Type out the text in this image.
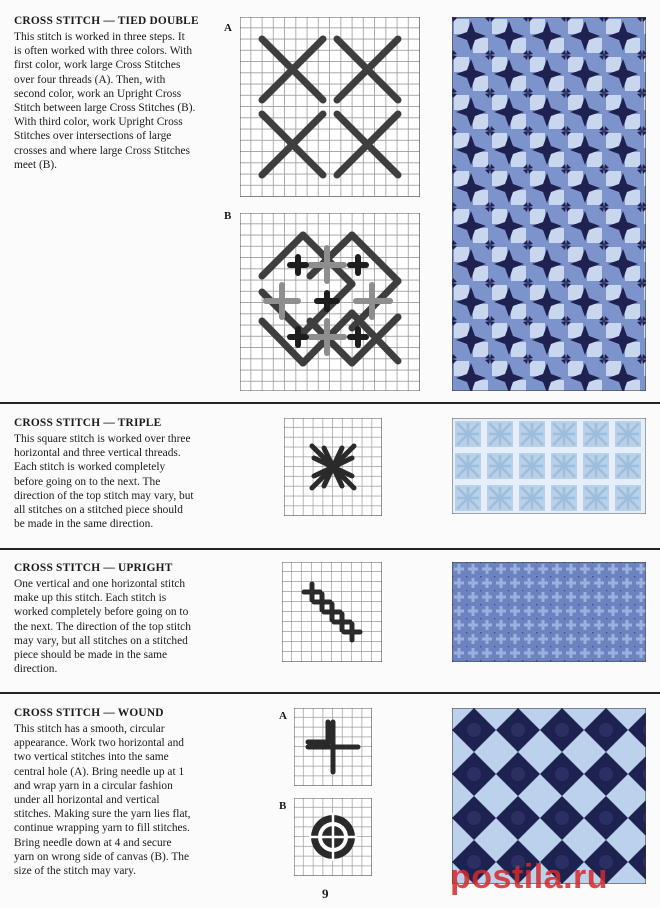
CROSS STITCH — TIED DOUBLE

This stitch is worked in three steps. It
is often worked with three colors. With
first color, work large Cross Stitches
over four threads (A). Then, with
second color, work an Upright Cross
Stitch between large Cross Stitches (B).
With third color, work Upright Cross
Stitches over intersections of large
crosses and where large Cross Stitches
meet (B).

A
B
CROSS STITCH — TRIPLE

This square stitch is worked over three
horizontal and three vertical threads.
Each stitch is worked completely
before going on to the next. The
direction of the top stitch may vary, but
all stitches on a stitched piece should
be made in the same direction.

CROSS STITCH — UPRIGHT

One vertical and one horizontal stitch
make up this stitch. Each stitch is
worked completely before going on to
the next. The direction of the top stitch
may vary, but all stitches on a stitched
piece should be made in the same
direction.

CROSS STITCH — WOUND

This stitch has a smooth, circular
appearance. Work two horizontal and
two vertical stitches into the same
central hole (A). Bring needle up at 1
and wrap yarn in a circular fashion
under all horizontal and vertical
stitches. Making sure the yarn lies flat,
continue wrapping yarn to fill stitches.
Bring needle down at 4 and secure
yarn on wrong side of canvas (B). The
size of the stitch may vary.

A
B
postila.ru
9
